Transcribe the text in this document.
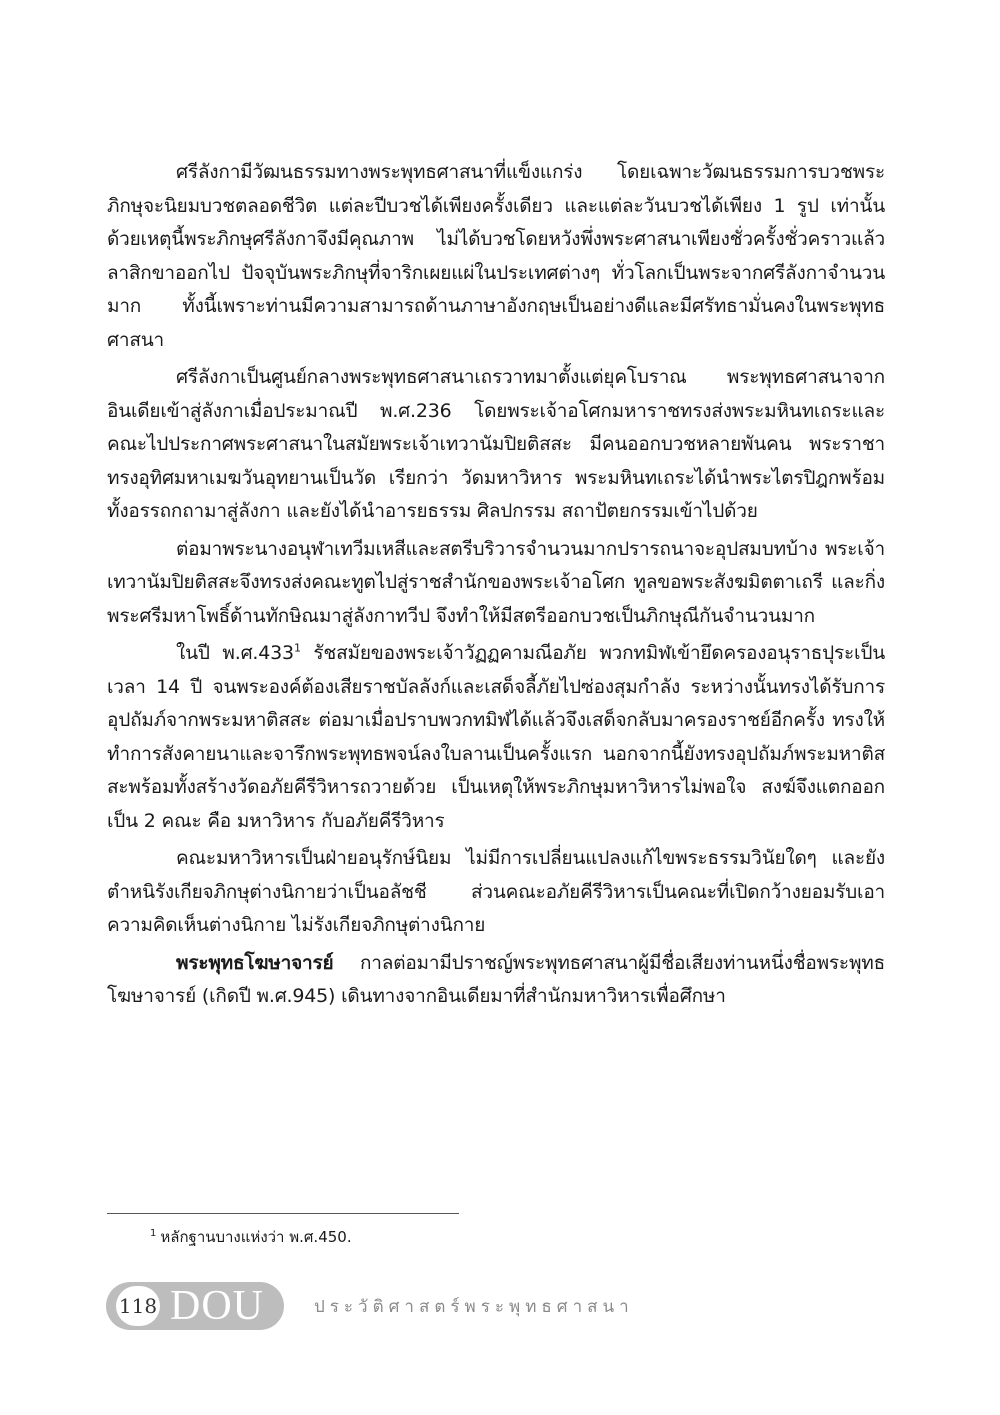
ศรีลังกามีวัฒนธรรมทางพระพุทธศาสนาที่แข็งแกร่ง โดยเฉพาะวัฒนธรรมการบวชพระภิกษุจะนิยมบวชตลอดชีวิต แต่ละปีบวชได้เพียงครั้งเดียว และแต่ละวันบวชได้เพียง 1 รูป เท่านั้น ด้วยเหตุนี้พระภิกษุศรีลังกาจึงมีคุณภาพ ไม่ได้บวชโดยหวังพึ่งพระศาสนาเพียงชั่วครั้งชั่วคราวแล้วลาสิกขาออกไป ปัจจุบันพระภิกษุที่จาริกเผยแผ่ในประเทศต่างๆ ทั่วโลกเป็นพระจากศรีลังกาจำนวนมาก ทั้งนี้เพราะท่านมีความสามารถด้านภาษาอังกฤษเป็นอย่างดีและมีศรัทธามั่นคงในพระพุทธศาสนา

ศรีลังกาเป็นศูนย์กลางพระพุทธศาสนาเถรวาทมาตั้งแต่ยุคโบราณ พระพุทธศาสนาจากอินเดียเข้าสู่ลังกาเมื่อประมาณปี พ.ศ.236 โดยพระเจ้าอโศกมหาราชทรงส่งพระมหินทเถระและคณะไปประกาศพระศาสนาในสมัยพระเจ้าเทวานัมปิยติสสะ มีคนออกบวชหลายพันคน พระราชาทรงอุทิศมหาเมฆวันอุทยานเป็นวัด เรียกว่า วัดมหาวิหาร พระมหินทเถระได้นำพระไตรปิฎกพร้อมทั้งอรรถกถามาสู่ลังกา และยังได้นำอารยธรรม ศิลปกรรม สถาปัตยกรรมเข้าไปด้วย

ต่อมาพระนางอนุฬาเทวีมเหสีและสตรีบริวารจำนวนมากปรารถนาจะอุปสมบทบ้าง พระเจ้าเทวานัมปิยติสสะจึงทรงส่งคณะทูตไปสู่ราชสำนักของพระเจ้าอโศก ทูลขอพระสังฆมิตตาเถรี และกิ่งพระศรีมหาโพธิ์ด้านทักษิณมาสู่ลังกาทวีป จึงทำให้มีสตรีออกบวชเป็นภิกษุณีกันจำนวนมาก

ในปี พ.ศ.433$^1$ รัชสมัยของพระเจ้าวัฏฏคามณีอภัย พวกทมิฬเข้ายึดครองอนุราธปุระเป็นเวลา 14 ปี จนพระองค์ต้องเสียราชบัลลังก์และเสด็จลี้ภัยไปซ่องสุมกำลัง ระหว่างนั้นทรงได้รับการอุปถัมภ์จากพระมหาติสสะ ต่อมาเมื่อปราบพวกทมิฬได้แล้วจึงเสด็จกลับมาครองราชย์อีกครั้ง ทรงให้ทำการสังคายนาและจารึกพระพุทธพจน์ลงใบลานเป็นครั้งแรก นอกจากนี้ยังทรงอุปถัมภ์พระมหาติสสะพร้อมทั้งสร้างวัดอภัยคีรีวิหารถวายด้วย เป็นเหตุให้พระภิกษุมหาวิหารไม่พอใจ สงฆ์จึงแตกออกเป็น 2 คณะ คือ มหาวิหาร กับอภัยคีรีวิหาร

คณะมหาวิหารเป็นฝ่ายอนุรักษ์นิยม ไม่มีการเปลี่ยนแปลงแก้ไขพระธรรมวินัยใดๆ และยังตำหนิรังเกียจภิกษุต่างนิกายว่าเป็นอลัชชี ส่วนคณะอภัยคีรีวิหารเป็นคณะที่เปิดกว้างยอมรับเอาความคิดเห็นต่างนิกาย ไม่รังเกียจภิกษุต่างนิกาย

พระพุทธโฆษาจารย์ กาลต่อมามีปราชญ์พระพุทธศาสนาผู้มีชื่อเสียงท่านหนึ่งชื่อพระพุทธโฆษาจารย์ (เกิดปี พ.ศ.945) เดินทางจากอินเดียมาที่สำนักมหาวิหารเพื่อศึกษา

$^1$ หลักฐานบางแห่งว่า พ.ศ.450.
118 DOU	ประวัติศาสตร์พระพุทธศาสนา
